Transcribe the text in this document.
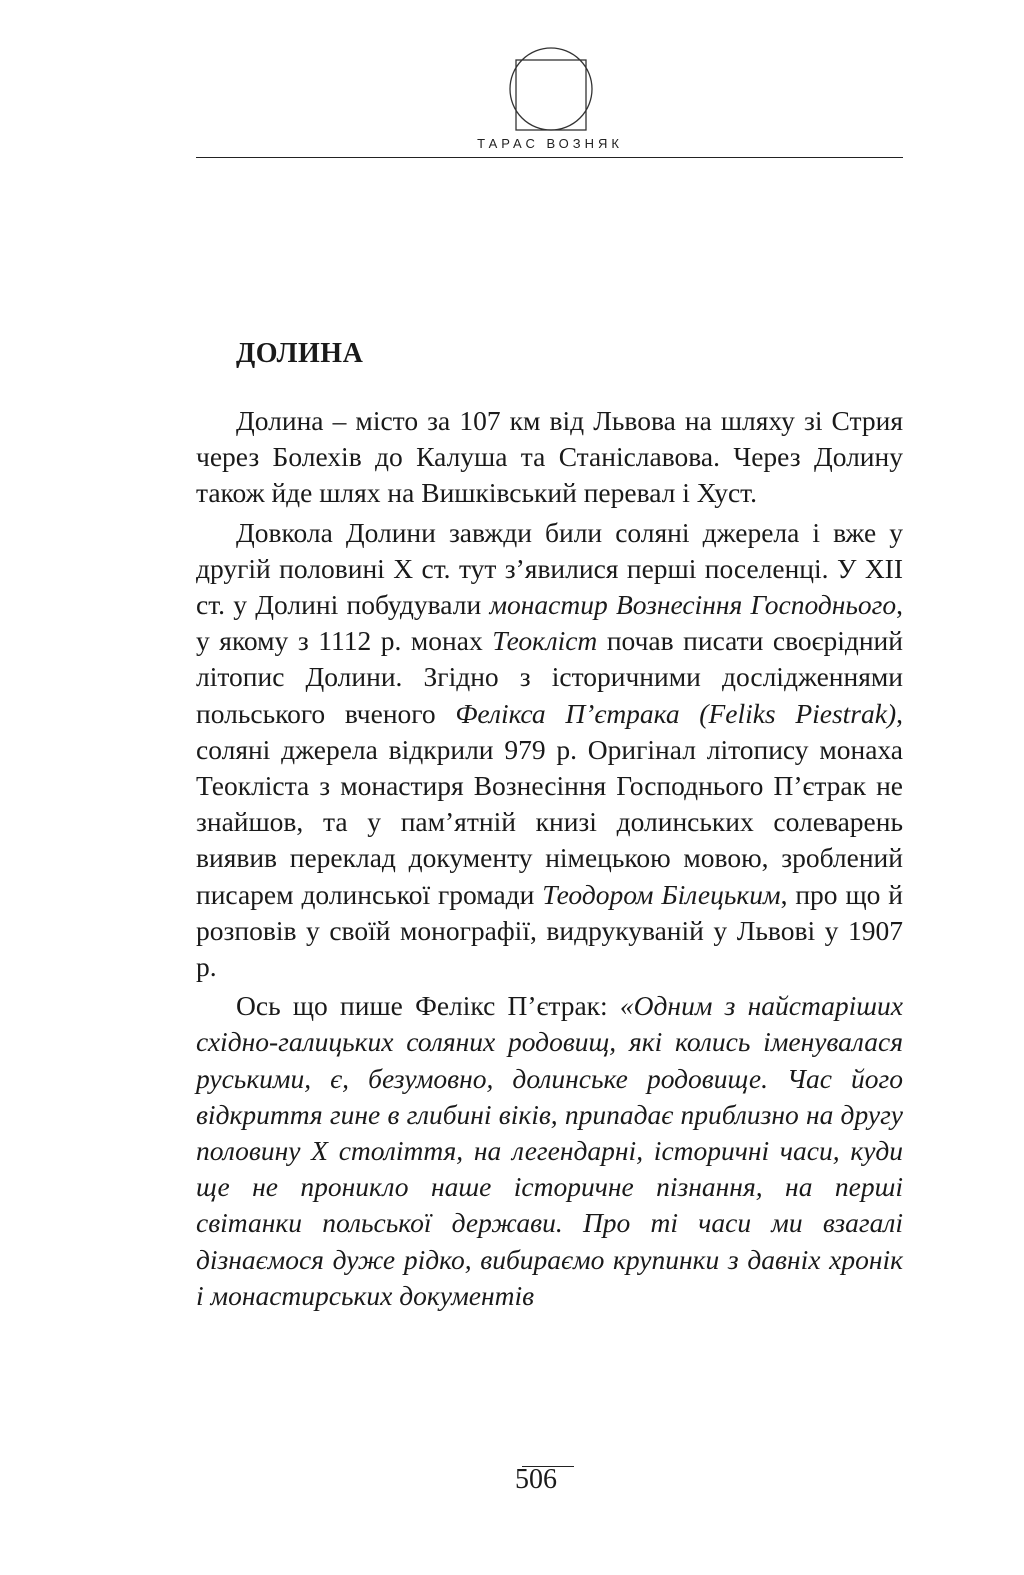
ТАРАС ВОЗНЯК
ДОЛИНА

Долина – місто за 107 км від Львова на шляху зі Стрия через Болехів до Калуша та Станіславова. Через Долину також йде шлях на Вишківський перевал і Хуст.

Довкола Долини завжди били соляні джерела і вже у другій половині X ст. тут з’явилися перші поселенці. У XII ст. у Долині побудували монастир Вознесіння Господнього, у якому з 1112 р. монах Теокліст почав писати своєрідний літопис Долини. Згідно з історичними дослідженнями польського вченого Фелікса П’єтрака (Feliks Piestrak), соляні джерела відкрили 979 р. Оригінал літопису монаха Теокліста з монастиря Вознесіння Господнього П’єтрак не знайшов, та у пам’ятній книзі долинських солеварень виявив переклад документу німецькою мовою, зроблений писарем долинської громади Теодором Білецьким, про що й розповів у своїй монографії, видрукуваній у Львові у 1907 р.

Ось що пише Фелікс П’єтрак: «Одним з найстаріших східно-галицьких соляних родовищ, які колись іменувалася руськими, є, безумовно, долинське родовище. Час його відкриття гине в глибині віків, припадає приблизно на другу половину X століття, на легендарні, історичні часи, куди ще не проникло наше історичне пізнання, на перші світанки польської держави. Про ті часи ми взагалі дізнаємося дуже рідко, вибираємо крупинки з давніх хронік і монастирських документів

506
